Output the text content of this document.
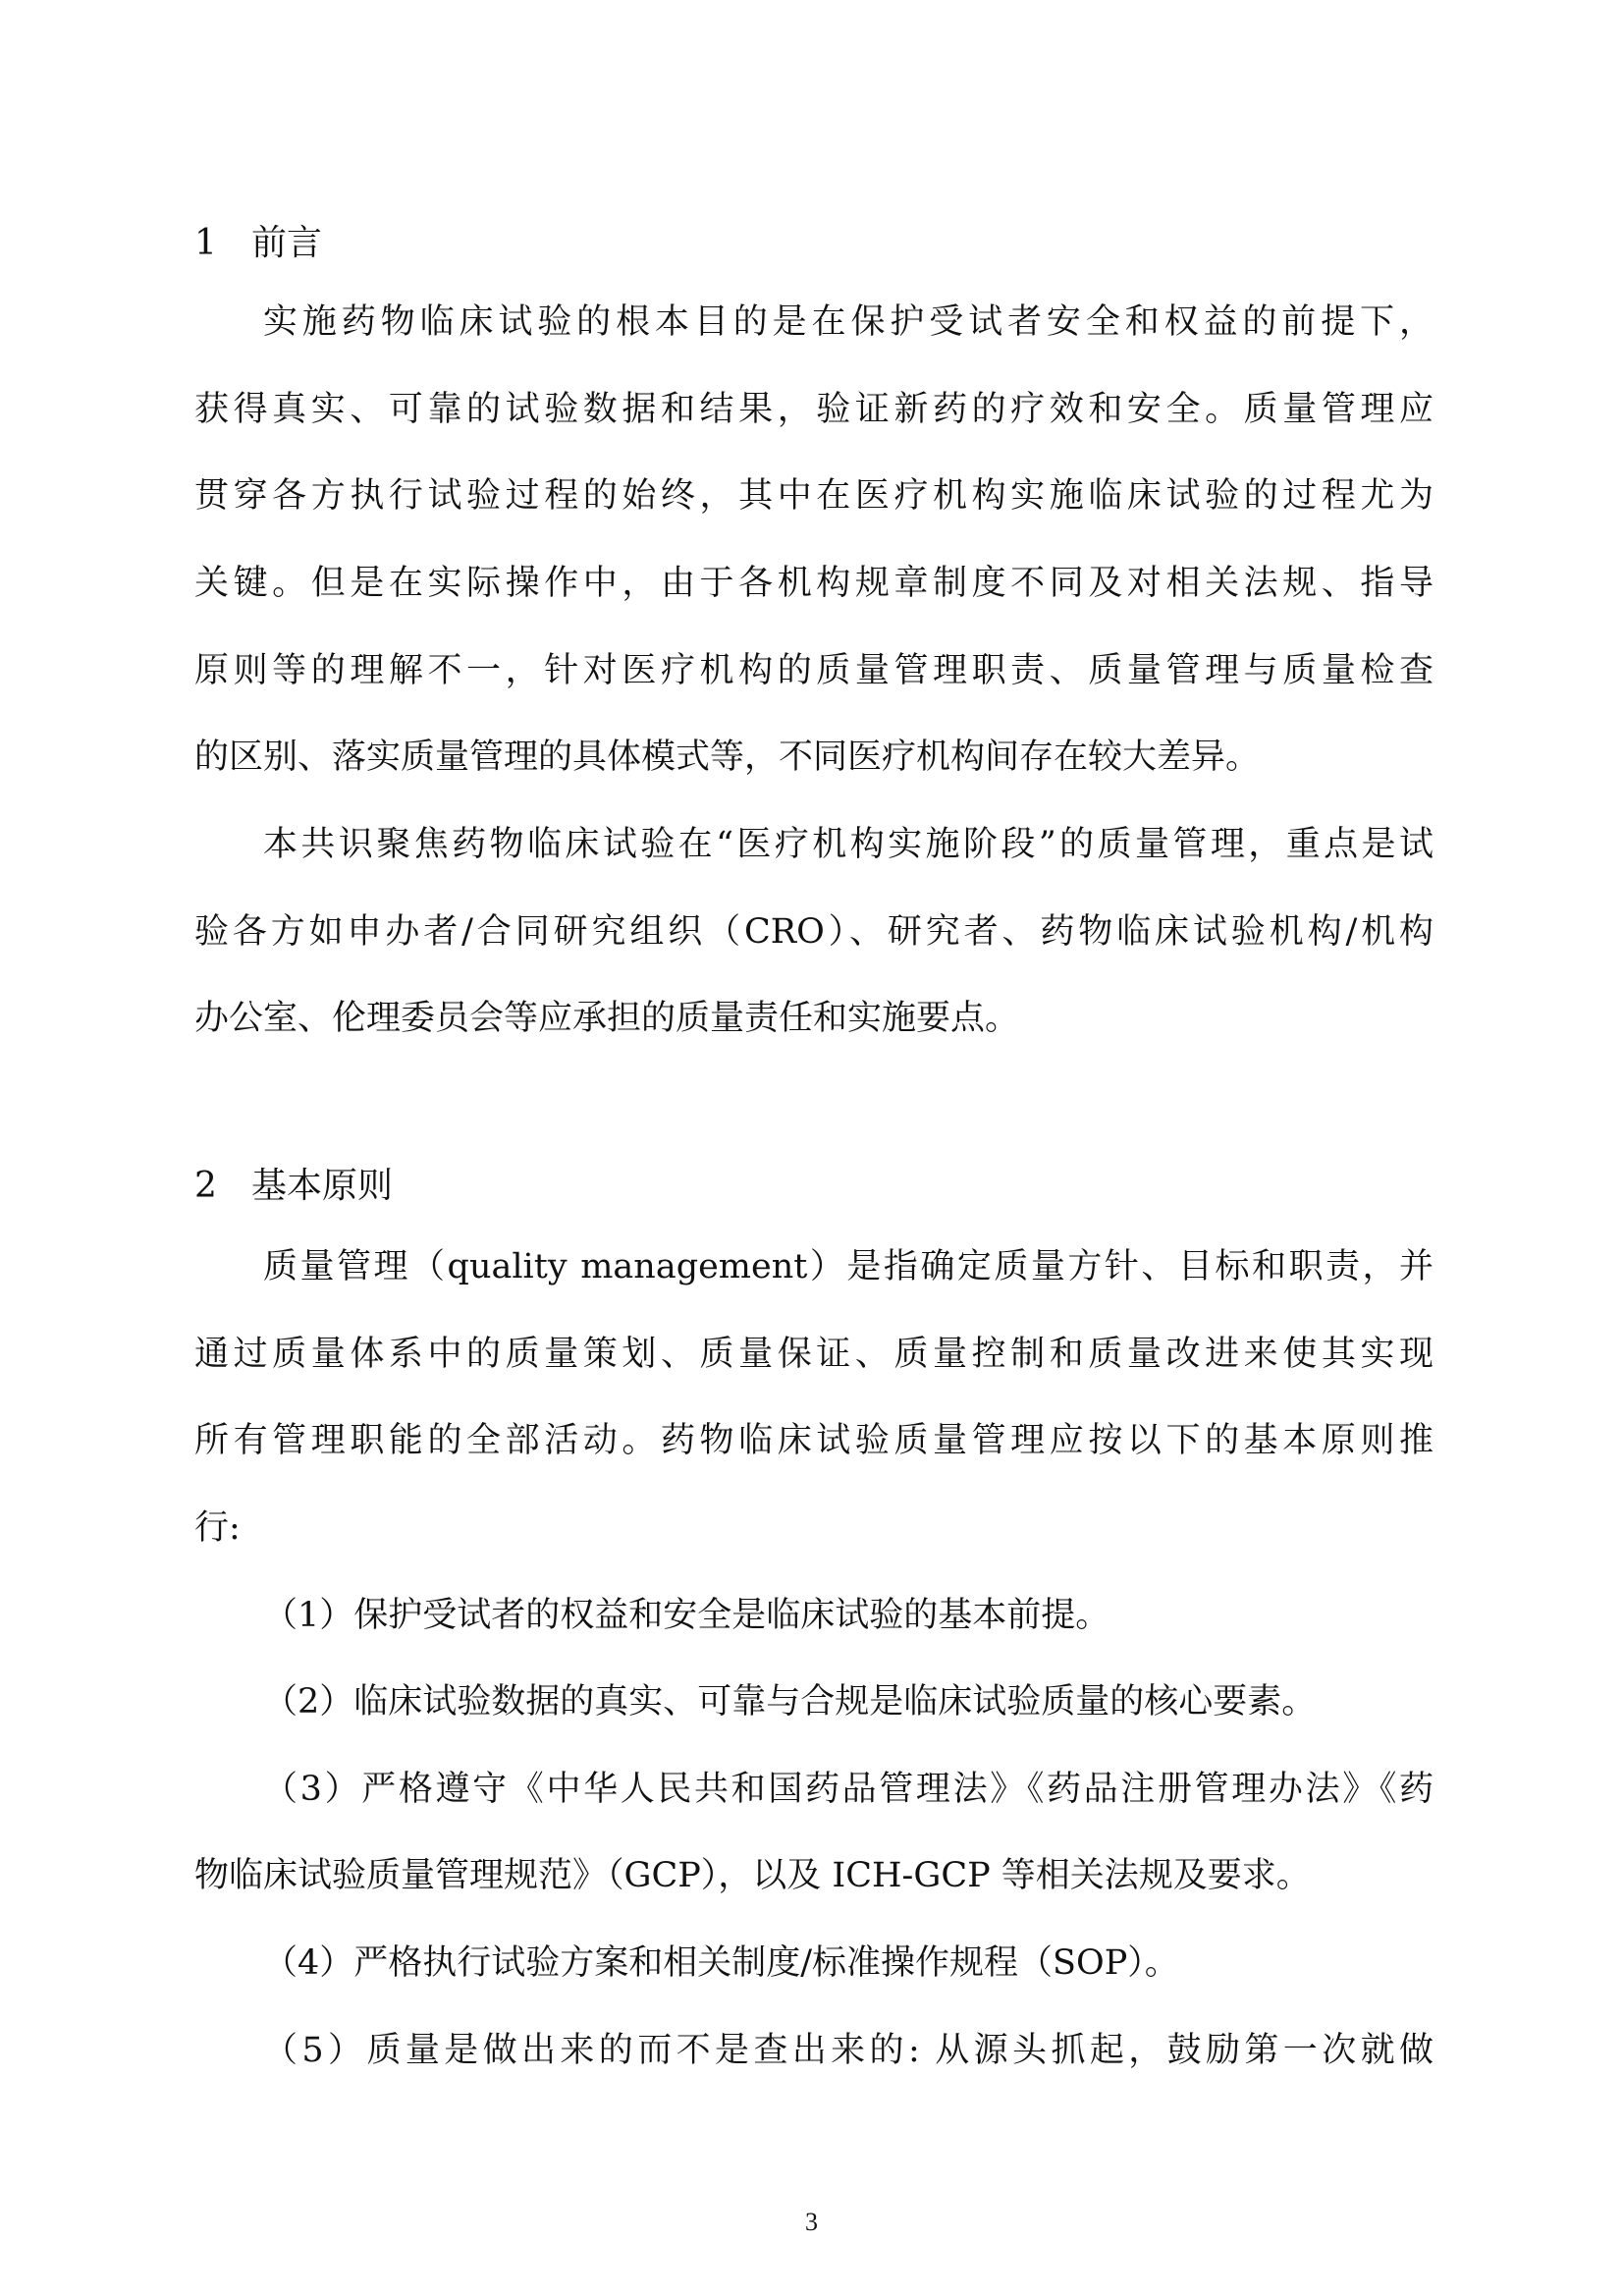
1 前言
实施药物临床试验的根本目的是在保护受试者安全和权益的前提下，
获得真实、可靠的试验数据和结果，验证新药的疗效和安全。质量管理应
贯穿各方执行试验过程的始终，其中在医疗机构实施临床试验的过程尤为
关键。但是在实际操作中，由于各机构规章制度不同及对相关法规、指导
原则等的理解不一，针对医疗机构的质量管理职责、质量管理与质量检查
的区别、落实质量管理的具体模式等，不同医疗机构间存在较大差异。
本共识聚焦药物临床试验在“医疗机构实施阶段”的质量管理，重点是试
验各方如申办者/合同研究组织（CRO）、研究者、药物临床试验机构/机构
办公室、伦理委员会等应承担的质量责任和实施要点。
2 基本原则
质量管理（quality management）是指确定质量方针、目标和职责，并
通过质量体系中的质量策划、质量保证、质量控制和质量改进来使其实现
所有管理职能的全部活动。药物临床试验质量管理应按以下的基本原则推
行:
（1）保护受试者的权益和安全是临床试验的基本前提。
（2）临床试验数据的真实、可靠与合规是临床试验质量的核心要素。
（3）严格遵守《中华人民共和国药品管理法》《药品注册管理办法》《药
物临床试验质量管理规范》（GCP），以及 ICH-GCP 等相关法规及要求。
（4）严格执行试验方案和相关制度/标准操作规程（SOP）。
（5）质量是做出来的而不是查出来的: 从源头抓起，鼓励第一次就做
3
